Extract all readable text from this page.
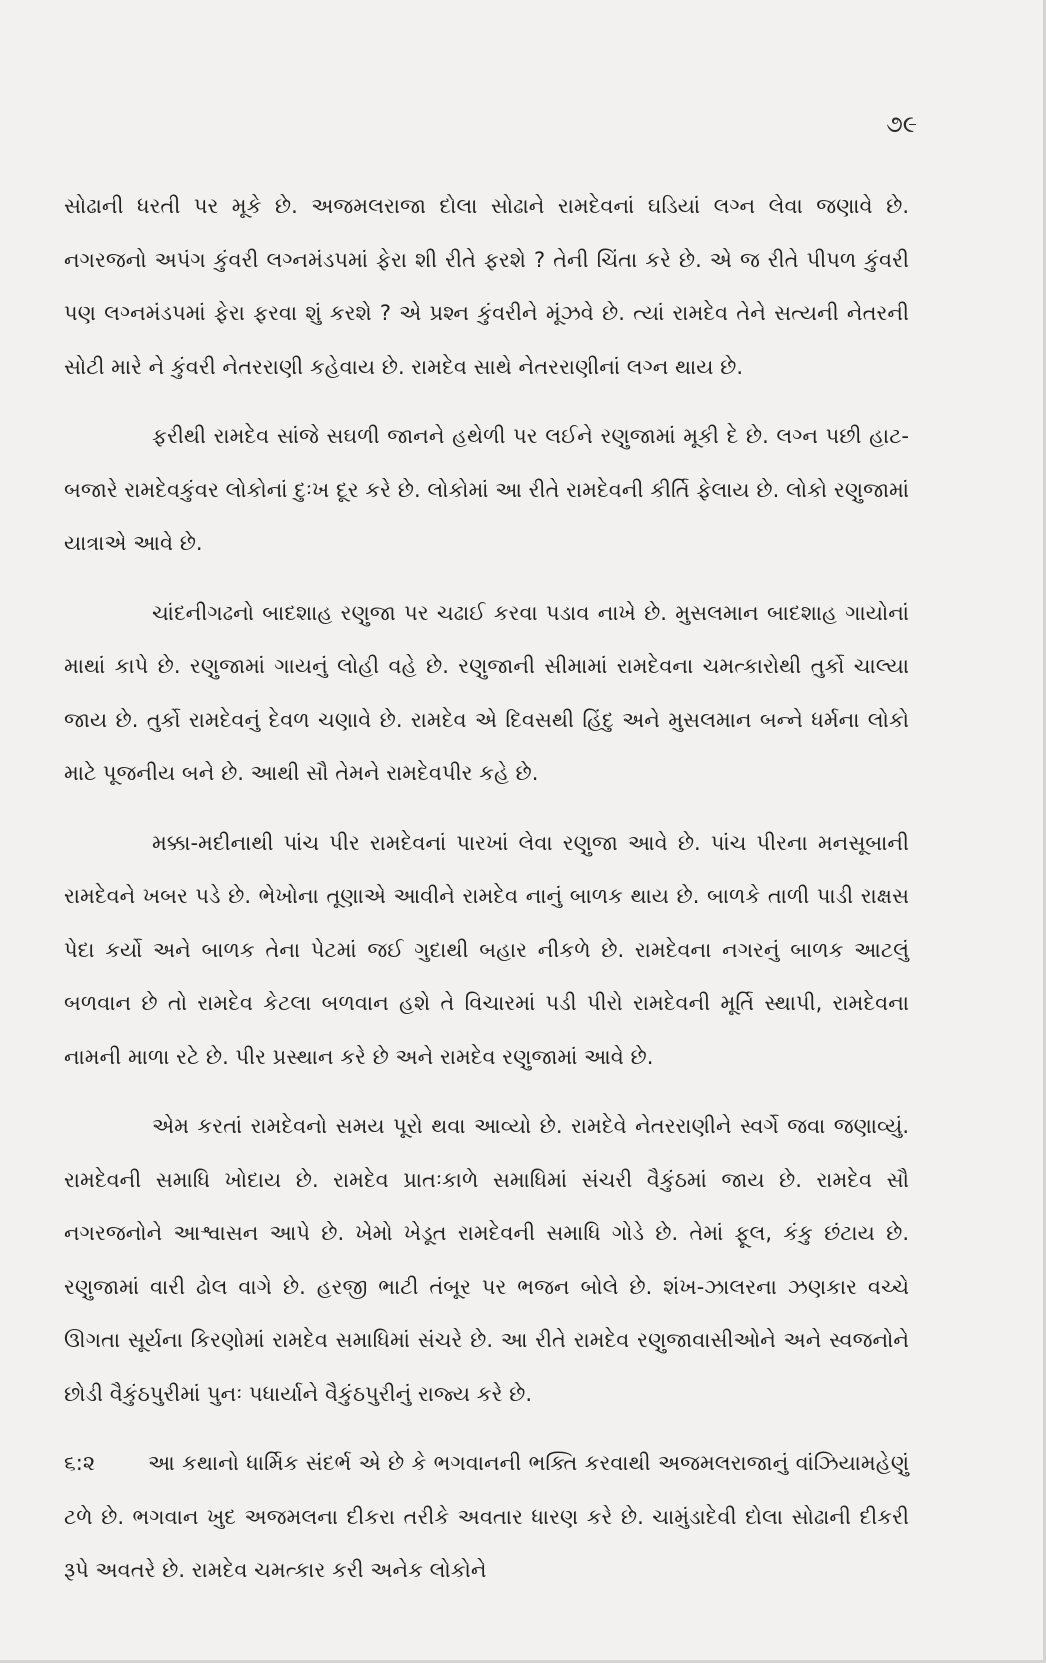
૭૯

સોઢાની ધરતી પર મૂકે છે. અજમલરાજા દોલા સોઢાને રામદેવનાં ઘડિયાં લગ્ન લેવા જણાવે છે. નગરજનો અપંગ કુંવરી લગ્નમંડપમાં ફેરા શી રીતે ફરશે ? તેની ચિંતા કરે છે. એ જ રીતે પીપળ કુંવરી પણ લગ્નમંડપમાં ફેરા ફરવા શું કરશે ? એ પ્રશ્ન કુંવરીને મૂંઝવે છે. ત્યાં રામદેવ તેને સત્યની નેતરની સોટી મારે ને કુંવરી નેતરરાણી કહેવાય છે. રામદેવ સાથે નેતરરાણીનાં લગ્ન થાય છે.

ફરીથી રામદેવ સાંજે સઘળી જાનને હથેળી પર લઈને રણુજામાં મૂકી દે છે. લગ્ન પછી હાટ-બજારે રામદેવકુંવર લોકોનાં દુઃખ દૂર કરે છે. લોકોમાં આ રીતે રામદેવની કીર્તિ ફેલાય છે. લોકો રણુજામાં યાત્રાએ આવે છે.

ચાંદનીગઢનો બાદશાહ રણુજા પર ચઢાઈ કરવા પડાવ નાખે છે. મુસલમાન બાદશાહ ગાયોનાં માથાં કાપે છે. રણુજામાં ગાયનું લોહી વહે છે. રણુજાની સીમામાં રામદેવના ચમત્કારોથી તુર્કો ચાલ્યા જાય છે. તુર્કો રામદેવનું દેવળ ચણાવે છે. રામદેવ એ દિવસથી હિંદુ અને મુસલમાન બન્ને ધર્મના લોકો માટે પૂજનીય બને છે. આથી સૌ તેમને રામદેવપીર કહે છે.

મક્કા-મદીનાથી પાંચ પીર રામદેવનાં પારખાં લેવા રણુજા આવે છે. પાંચ પીરના મનસૂબાની રામદેવને ખબર પડે છે. ભેખોના તૂણાએ આવીને રામદેવ નાનું બાળક થાય છે. બાળકે તાળી પાડી રાક્ષસ પેદા કર્યો અને બાળક તેના પેટમાં જઈ ગુદાથી બહાર નીકળે છે. રામદેવના નગરનું બાળક આટલું બળવાન છે તો રામદેવ કેટલા બળવાન હશે તે વિચારમાં પડી પીરો રામદેવની મૂર્તિ સ્થાપી, રામદેવના નામની માળા રટે છે. પીર પ્રસ્થાન કરે છે અને રામદેવ રણુજામાં આવે છે.

એમ કરતાં રામદેવનો સમય પૂરો થવા આવ્યો છે. રામદેવે નેતરરાણીને સ્વર્ગે જવા જણાવ્યું. રામદેવની સમાધિ ખોદાય છે. રામદેવ પ્રાતઃકાળે સમાધિમાં સંચરી વૈકુંઠમાં જાય છે. રામદેવ સૌ નગરજનોને આશ્વાસન આપે છે. ખેમો ખેડૂત રામદેવની સમાધિ ગોડે છે. તેમાં ફૂલ, કંકુ છંટાય છે. રણુજામાં વારી ઢોલ વાગે છે. હરજી ભાટી તંબૂર પર ભજન બોલે છે. શંખ-ઝાલરના ઝણકાર વચ્ચે ઊગતા સૂર્યના કિરણોમાં રામદેવ સમાધિમાં સંચરે છે. આ રીતે રામદેવ રણુજાવાસીઓને અને સ્વજનોને છોડી વૈકુંઠપુરીમાં પુનઃ પધાર્યાને વૈકુંઠપુરીનું રાજ્ય કરે છે.

૬:૨	આ કથાનો ધાર્મિક સંદર્ભ એ છે કે ભગવાનની ભક્તિ કરવાથી અજમલરાજાનું વાંઝિયામહેણું ટળે છે. ભગવાન ખુદ અજમલના દીકરા તરીકે અવતાર ધારણ કરે છે. ચામુંડાદેવી દોલા સોઢાની દીકરી રૂપે અવતરે છે. રામદેવ ચમત્કાર કરી અનેક લોકોને
